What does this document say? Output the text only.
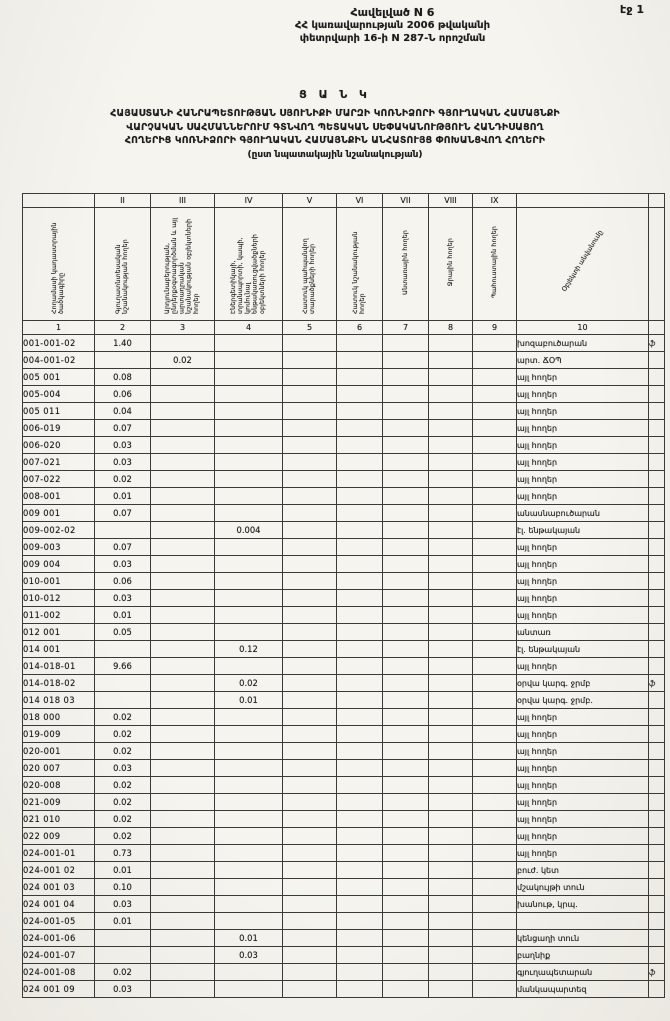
էջ 1
Հավելված N 6
ՀՀ կառավարության 2006 թվականի
փետրվարի 16-ի N 287-Ն որոշման
Ց Ա Ն Կ
ՀԱՅԱՍՏԱՆԻ ՀԱՆՐԱՊԵՏՈՒԹՅԱՆ ՍՅՈՒՆԻՔԻ ՄԱՐԶԻ ԿՈՌՆԻՁՈՐԻ ԳՅՈՒՂԱԿԱՆ ՀԱՄԱՅՆՔԻ
ՎԱՐՉԱԿԱՆ ՍԱՀՄԱՆՆԵՐՈՒՄ ԳՏՆՎՈՂ ՊԵՏԱԿԱՆ ՍԵՓԱԿԱՆՈՒԹՅՈՒՆ ՀԱՆԴԻՍԱՑՈՂ
ՀՈՂԵՐԻՑ ԿՈՌՆԻՁՈՐԻ ԳՅՈՒՂԱԿԱՆ ՀԱՄԱՅՆՔԻՆ ԱՆՀԱՏՈՒՅՑ ՓՈԽԱՆՑՎՈՂ ՀՈՂԵՐԻ
(ըստ նպատակային նշանակության)
	II	III	IV	V	VI	VII	VIII	IX		
Հողամասի կադաստրային ծածկագիրը	Գյուղատնտեսական նշանակության հողեր	Արդյունաբերության, ընդերքօգտագործման և այլ արտադրական նշանակության օբյեկտների հողեր	Էներգետիկայի, տրանսպորտի, կապի, կոմունալ ենթակառուցվածքների օբյեկտների հողեր	Հատուկ պահպանվող տարածքների հողեր	Հատուկ նշանակության հողեր	Անտառային հողեր	Ջրային հողեր	Պահուստային հողեր	Օբյեկտի անվանումը	
1	2	3	4	5	6	7	8	9	10	
001-001-02	1.40								խոզաբուծարան	ֆ
004-001-02		0.02							արտ. ՃՕՊ	
005 001	0.08								այլ հողեր	
005-004	0.06								այլ հողեր	
005 011	0.04								այլ հողեր	
006-019	0.07								այլ հողեր	
006-020	0.03								այլ հողեր	
007-021	0.03								այլ հողեր	
007-022	0.02								այլ հողեր	
008-001	0.01								այլ հողեր	
009 001	0.07								անասնաբուծարան	
009-002-02			0.004						էլ. ենթակայան	
009-003	0.07								այլ հողեր	
009 004	0.03								այլ հողեր	
010-001	0.06								այլ հողեր	
010-012	0.03								այլ հողեր	
011-002	0.01								այլ հողեր	
012 001	0.05								անտառ	
014 001			0.12						էլ. ենթակայան	
014-018-01	9.66								այլ հողեր	
014-018-02			0.02						օրվա կարգ. ջրմբ	ֆ
014 018 03			0.01						օրվա կարգ. ջրմբ.	
018 000	0.02								այլ հողեր	
019-009	0.02								այլ հողեր	
020-001	0.02								այլ հողեր	
020 007	0.03								այլ հողեր	
020-008	0.02								այլ հողեր	
021-009	0.02								այլ հողեր	
021 010	0.02								այլ հողեր	
022 009	0.02								այլ հողեր	
024-001-01	0.73								այլ հողեր	
024-001 02	0.01								բուժ. կետ	
024 001 03	0.10								մշակույթի տուն	
024 001 04	0.03								խանութ, կրպ.	
024-001-05	0.01									
024-001-06			0.01						կենցաղի տուն	
024-001-07			0.03						բաղնիք	
024-001-08	0.02								գյուղապետարան	ֆ
024 001 09	0.03								մանկապարտեզ	
